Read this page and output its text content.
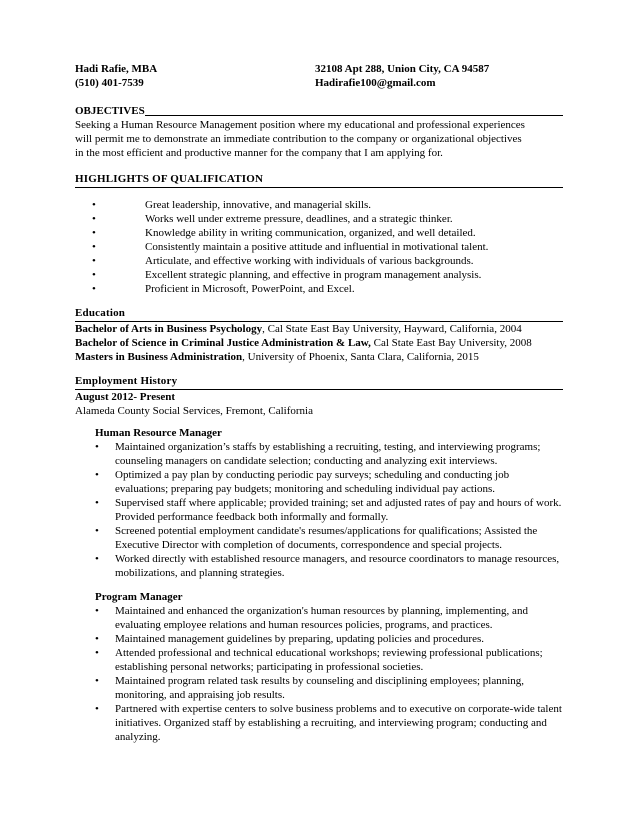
Hadi Rafie, MBA	32108 Apt 288, Union City, CA 94587
(510) 401-7539	Hadirafie100@gmail.com
OBJECTIVES

Seeking a Human Resource Management position where my educational and professional experiences
will permit me to demonstrate an immediate contribution to the company or organizational objectives
in the most efficient and productive manner for the company that I am applying for.

HIGHLIGHTS OF QUALIFICATION
•	Great leadership, innovative, and managerial skills.
•	Works well under extreme pressure, deadlines, and a strategic thinker.
•	Knowledge ability in writing communication, organized, and well detailed.
•	Consistently maintain a positive attitude and influential in motivational talent.
•	Articulate, and effective working with individuals of various backgrounds.
•	Excellent strategic planning, and effective in program management analysis.
•	Proficient in Microsoft, PowerPoint, and Excel.
Education
Bachelor of Arts in Business Psychology, Cal State East Bay University, Hayward, California, 2004
Bachelor of Science in Criminal Justice Administration & Law, Cal State East Bay University, 2008
Masters in Business Administration, University of Phoenix, Santa Clara, California, 2015
Employment History
August 2012- Present
Alameda County Social Services, Fremont, California
Human Resource Manager
•	Maintained organization’s staffs by establishing a recruiting, testing, and interviewing programs; counseling managers on candidate selection; conducting and analyzing exit interviews.
•	Optimized a pay plan by conducting periodic pay surveys; scheduling and conducting job evaluations; preparing pay budgets; monitoring and scheduling individual pay actions.
•	Supervised staff where applicable; provided training; set and adjusted rates of pay and hours of work. Provided performance feedback both informally and formally.
•	Screened potential employment candidate's resumes/applications for qualifications; Assisted the Executive Director with completion of documents, correspondence and special projects.
•	Worked directly with established resource managers, and resource coordinators to manage resources, mobilizations, and planning strategies.
Program Manager
•	Maintained and enhanced the organization's human resources by planning, implementing, and evaluating employee relations and human resources policies, programs, and practices.
•	Maintained management guidelines by preparing, updating policies and procedures.
•	Attended professional and technical educational workshops; reviewing professional publications; establishing personal networks; participating in professional societies.
•	Maintained program related task results by counseling and disciplining employees; planning, monitoring, and appraising job results.
•	Partnered with expertise centers to solve business problems and to executive on corporate-wide talent initiatives. Organized staff by establishing a recruiting, and interviewing program; conducting and analyzing.
